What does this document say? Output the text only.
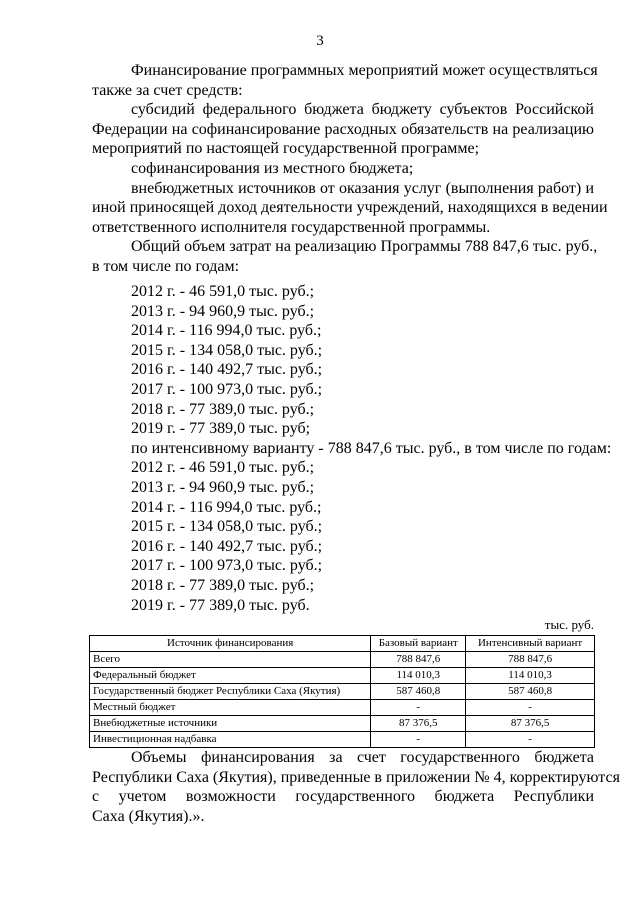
3
Финансирование программных мероприятий может осуществляться
также за счет средств:
субсидий федерального бюджета бюджету субъектов Российской
Федерации на софинансирование расходных обязательств на реализацию
мероприятий по настоящей государственной программе;
софинансирования из местного бюджета;
внебюджетных источников от оказания услуг (выполнения работ) и
иной приносящей доход деятельности учреждений, находящихся в ведении
ответственного исполнителя государственной программы.
Общий объем затрат на реализацию Программы 788 847,6 тыс. руб.,
в том числе по годам:
2012 г. - 46 591,0 тыс. руб.;
2013 г. - 94 960,9 тыс. руб.;
2014 г. - 116 994,0 тыс. руб.;
2015 г. - 134 058,0 тыс. руб.;
2016 г. - 140 492,7 тыс. руб.;
2017 г. - 100 973,0 тыс. руб.;
2018 г. - 77 389,0 тыс. руб.;
2019 г. - 77 389,0 тыс. руб;
по интенсивному варианту - 788 847,6 тыс. руб., в том числе по годам:
2012 г. - 46 591,0 тыс. руб.;
2013 г. - 94 960,9 тыс. руб.;
2014 г. - 116 994,0 тыс. руб.;
2015 г. - 134 058,0 тыс. руб.;
2016 г. - 140 492,7 тыс. руб.;
2017 г. - 100 973,0 тыс. руб.;
2018 г. - 77 389,0 тыс. руб.;
2019 г. - 77 389,0 тыс. руб.
тыс. руб.
Источник финансирования	Базовый вариант	Интенсивный вариант
Всего	788 847,6	788 847,6
Федеральный бюджет	114 010,3	114 010,3
Государственный бюджет Республики Саха (Якутия)	587 460,8	587 460,8
Местный бюджет	-	-
Внебюджетные источники	87 376,5	87 376,5
Инвестиционная надбавка	-	-
Объемы финансирования за счет государственного бюджета
Республики Саха (Якутия), приведенные в приложении № 4, корректируются
с учетом возможности государственного бюджета Республики
Саха (Якутия).».
